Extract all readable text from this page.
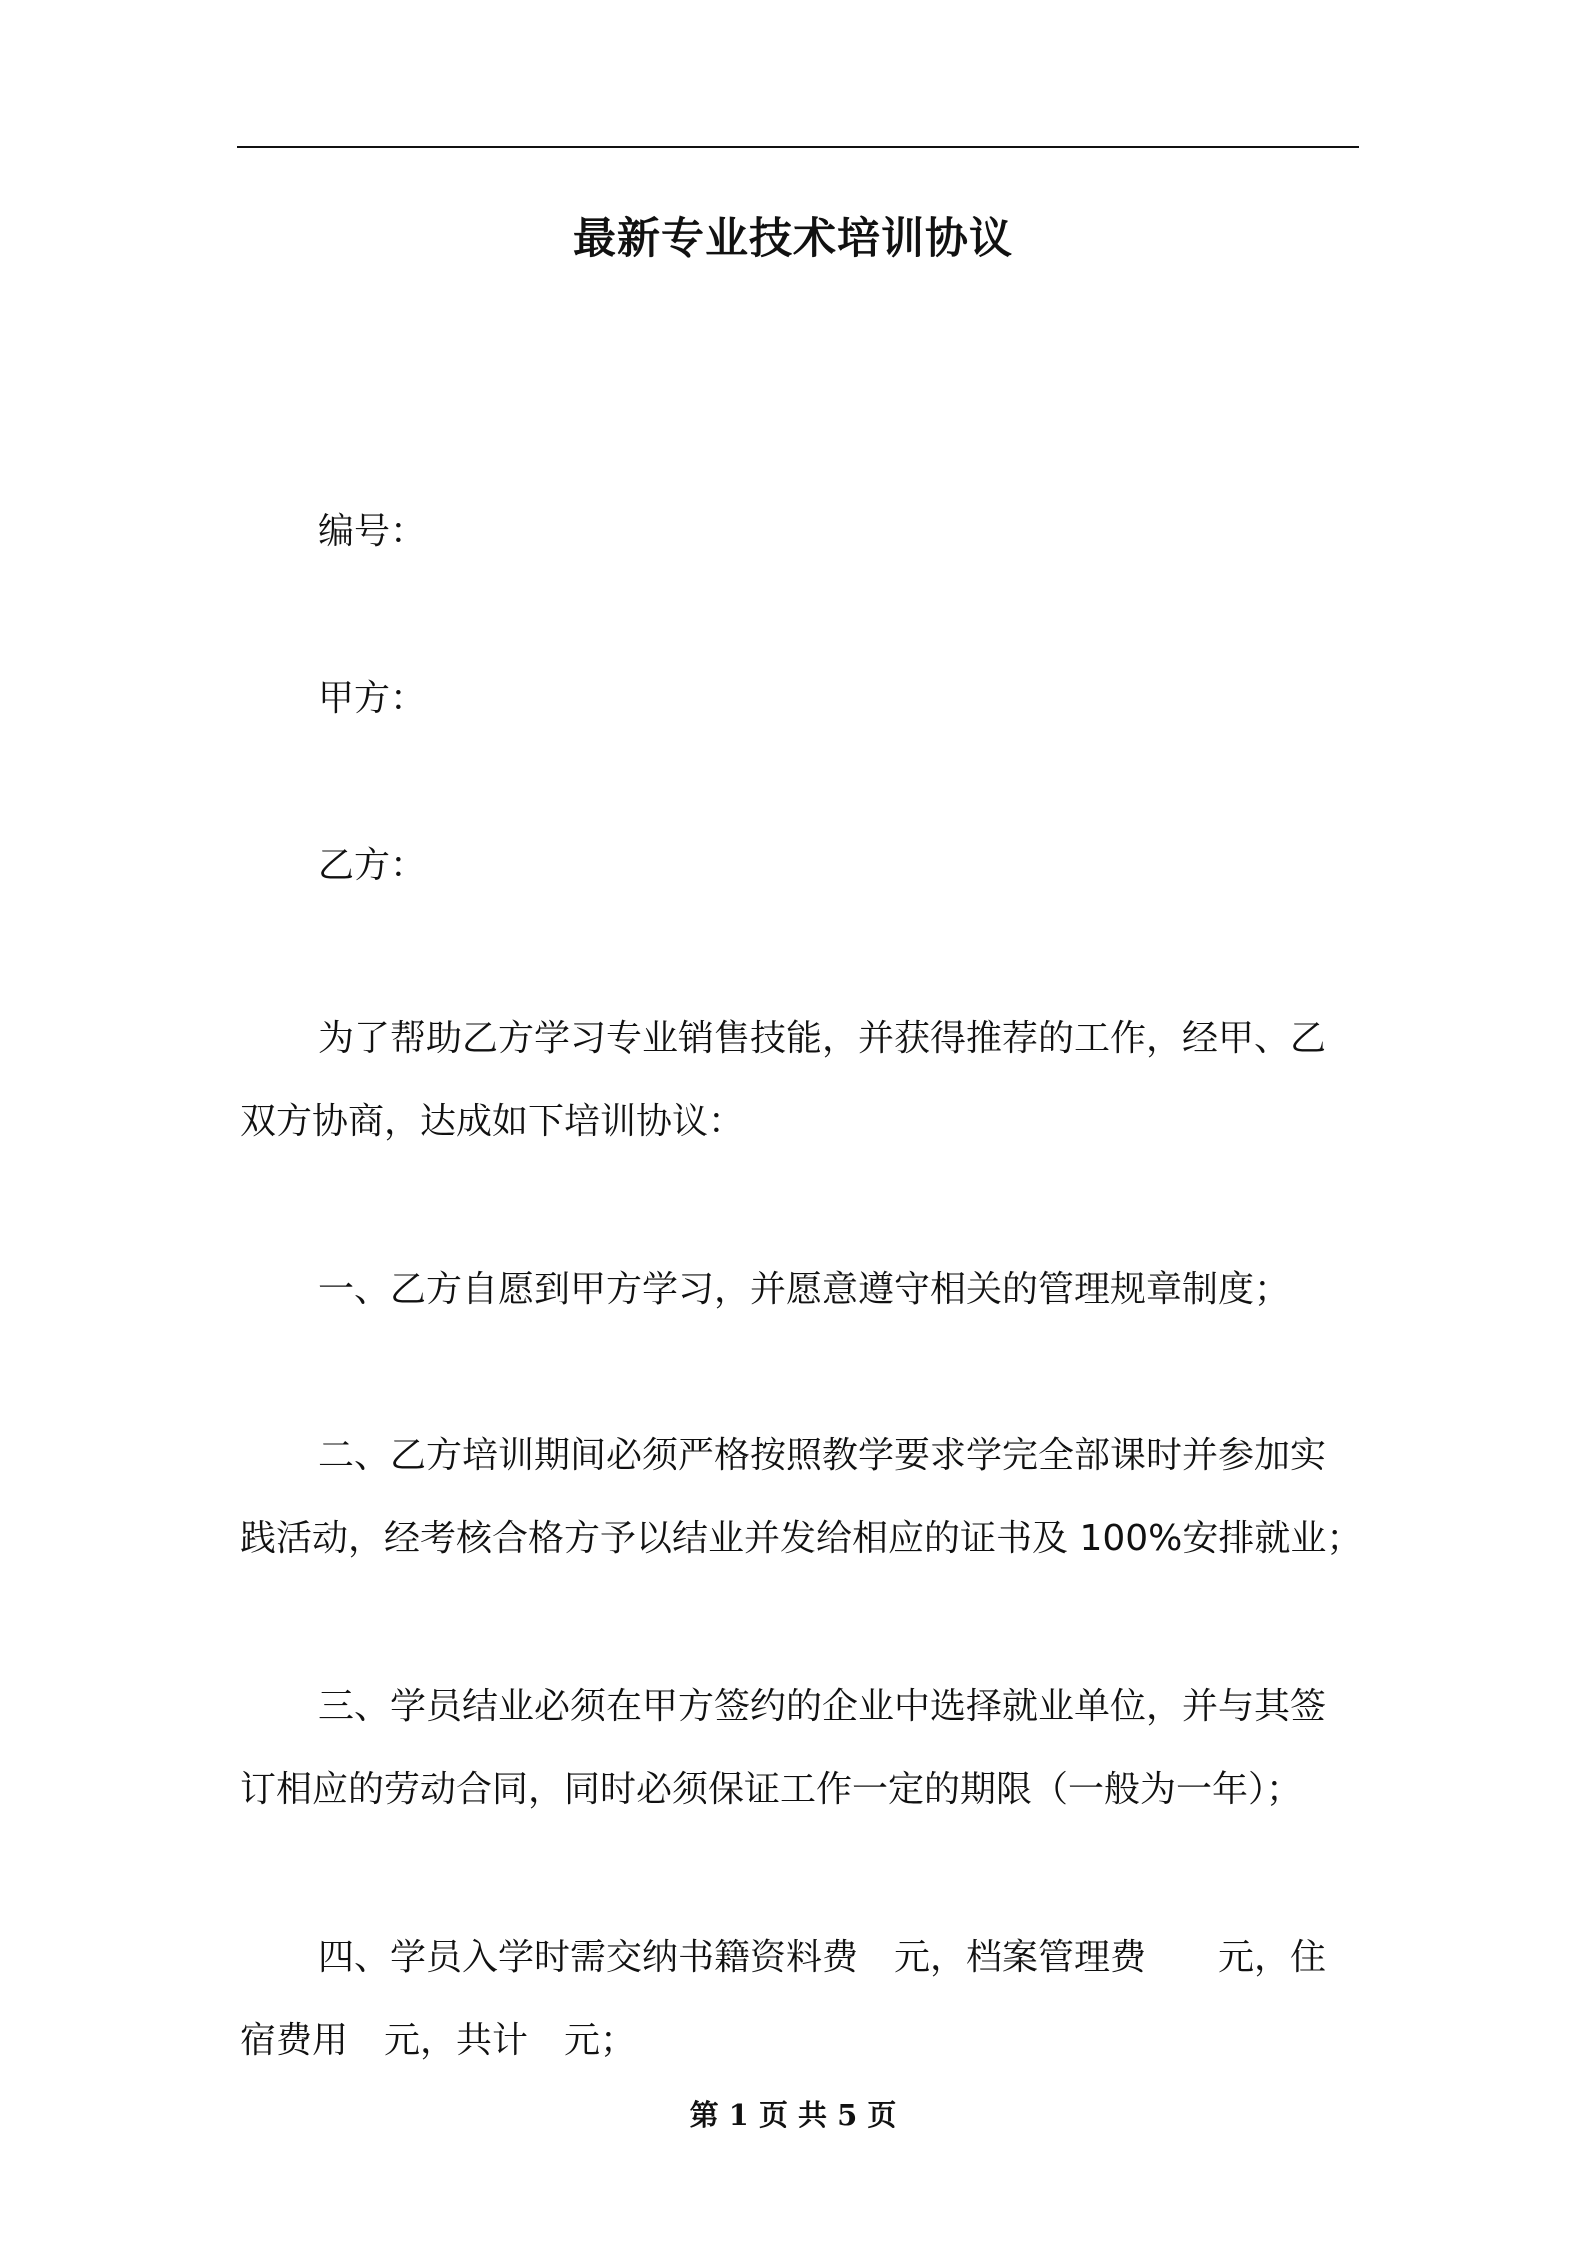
最新专业技术培训协议

编号：

甲方：

乙方：

为了帮助乙方学习专业销售技能，并获得推荐的工作，经甲、乙

双方协商，达成如下培训协议：

一、乙方自愿到甲方学习，并愿意遵守相关的管理规章制度；

二、乙方培训期间必须严格按照教学要求学完全部课时并参加实

践活动，经考核合格方予以结业并发给相应的证书及 100%安排就业；

三、学员结业必须在甲方签约的企业中选择就业单位，并与其签

订相应的劳动合同，同时必须保证工作一定的期限（一般为一年）；

四、学员入学时需交纳书籍资料费　元，档案管理费　　元，住

宿费用　元，共计　元；

第 1 页 共 5 页
